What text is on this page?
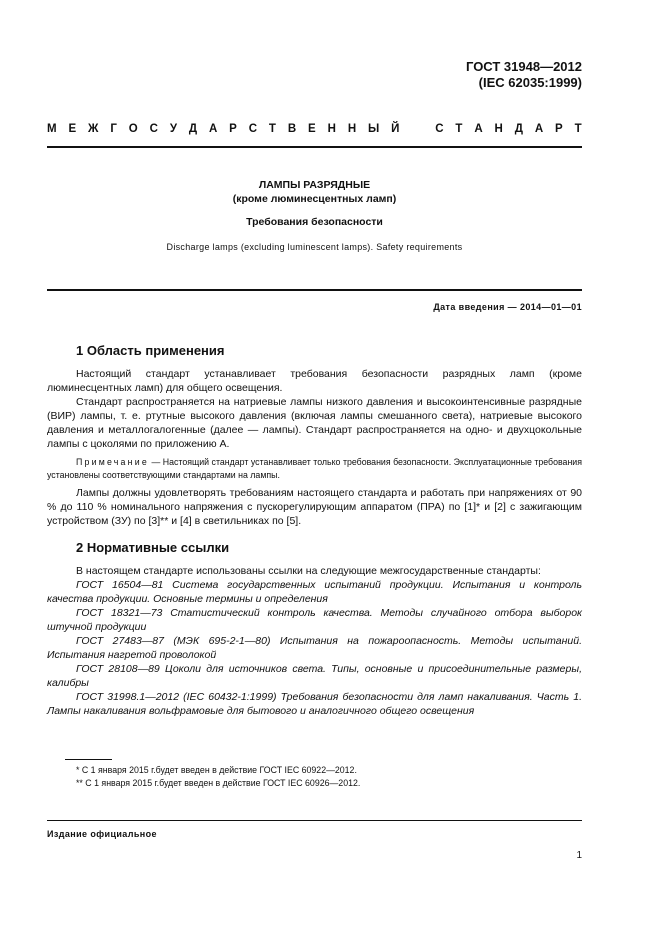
ГОСТ 31948—2012
(IEC 62035:1999)
М Е Ж Г О С У Д А Р С Т В Е Н Н Ы Й	С Т А Н Д А Р Т
ЛАМПЫ РАЗРЯДНЫЕ
(кроме люминесцентных ламп)
Требования безопасности
Discharge lamps (excluding luminescent lamps). Safety requirements
Дата введения — 2014—01—01
1 Область применения

Настоящий стандарт устанавливает требования безопасности разрядных ламп (кроме люминесцентных ламп) для общего освещения.

Стандарт распространяется на натриевые лампы низкого давления и высокоинтенсивные разрядные (ВИР) лампы, т. е. ртутные высокого давления (включая лампы смешанного света), натриевые высокого давления и металлогалогенные (далее — лампы). Стандарт распространяется на одно- и двухцокольные лампы с цоколями по приложению А.

Примечание — Настоящий стандарт устанавливает только требования безопасности. Эксплуатационные требования установлены соответствующими стандартами на лампы.

Лампы должны удовлетворять требованиям настоящего стандарта и работать при напряжениях от 90 % до 110 % номинального напряжения с пускорегулирующим аппаратом (ПРА) по [1]* и [2] с зажигающим устройством (ЗУ) по [3]** и [4] в светильниках по [5].

2 Нормативные ссылки

В настоящем стандарте использованы ссылки на следующие межгосударственные стандарты:

ГОСТ 16504—81 Система государственных испытаний продукции. Испытания и контроль качества продукции. Основные термины и определения

ГОСТ 18321—73 Статистический контроль качества. Методы случайного отбора выборок штучной продукции

ГОСТ 27483—87 (МЭК 695-2-1—80) Испытания на пожароопасность. Методы испытаний. Испытания нагретой проволокой

ГОСТ 28108—89 Цоколи для источников света. Типы, основные и присоединительные размеры, калибры

ГОСТ 31998.1—2012 (IEC 60432-1:1999) Требования безопасности для ламп накаливания. Часть 1. Лампы накаливания вольфрамовые для бытового и аналогичного общего освещения

* С 1 января 2015 г.будет введен в действие ГОСТ IEC 60922—2012.
** С 1 января 2015 г.будет введен в действие ГОСТ IEC 60926—2012.
Издание официальное
1
